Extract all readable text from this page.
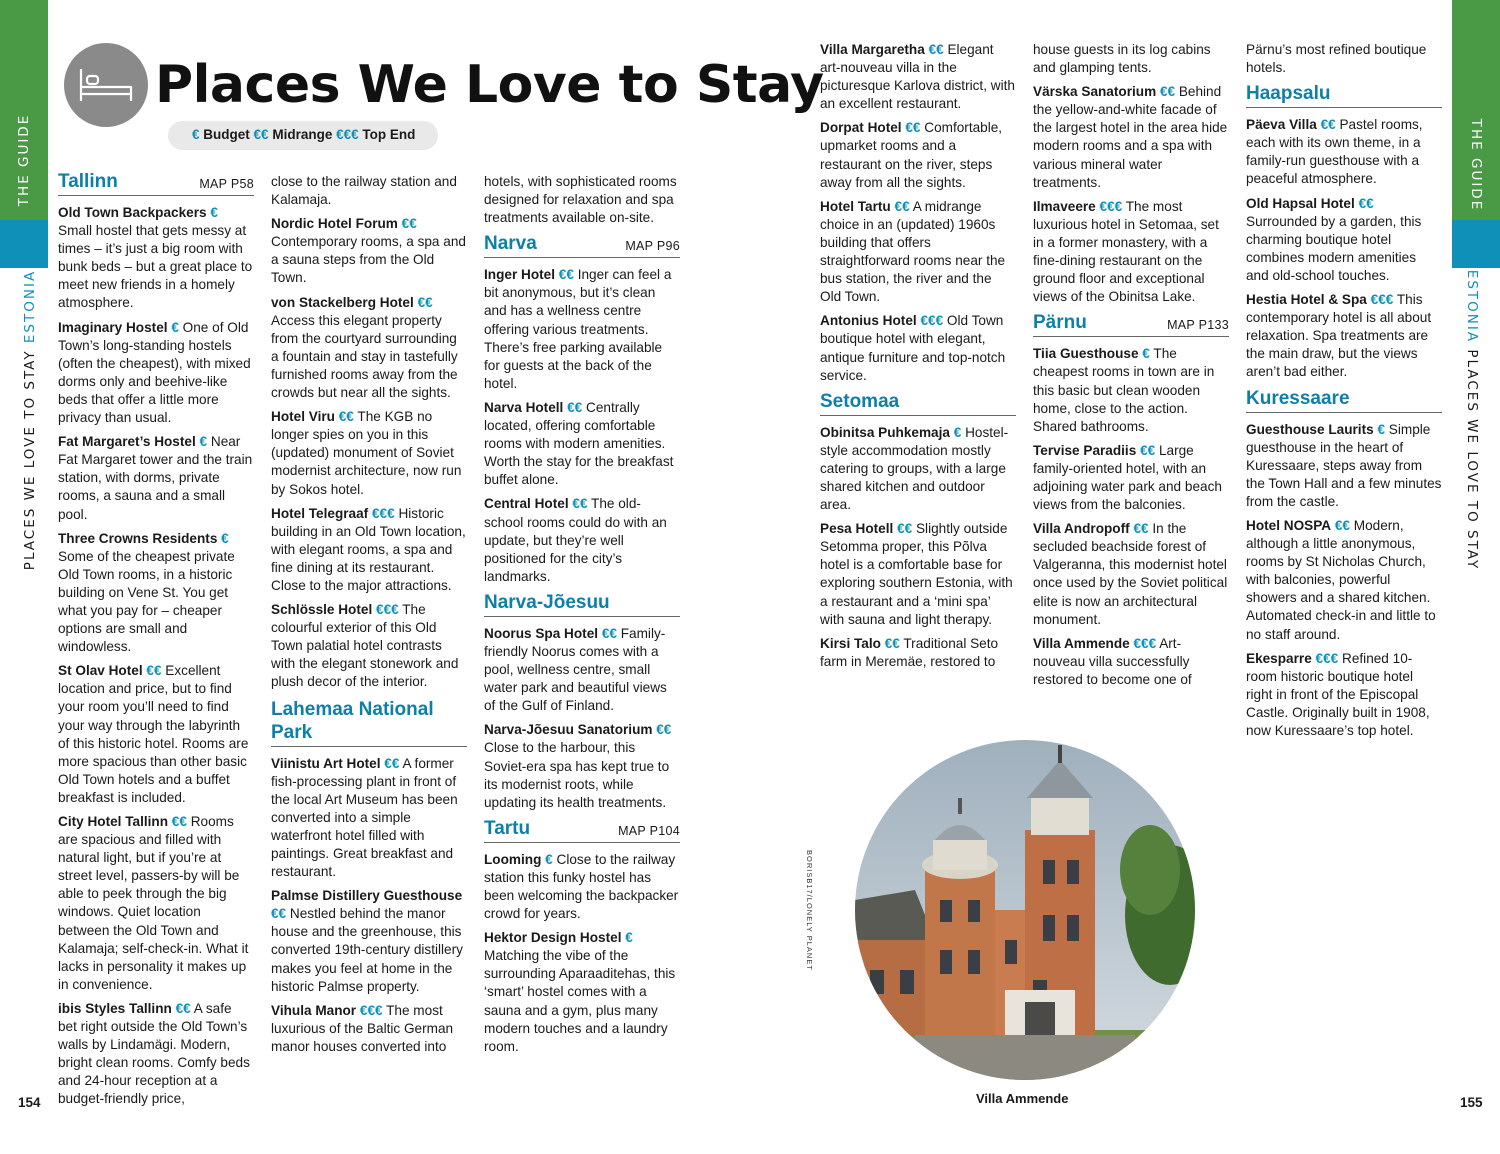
THE GUIDE
PLACES WE LOVE TO STAY ESTONIA
THE GUIDE
ESTONIA PLACES WE LOVE TO STAY
Places We Love to Stay
€ Budget €€ Midrange €€€ Top End
Tallinn	MAP P58

Old Town Backpackers € Small hostel that gets messy at times – it’s just a big room with bunk beds – but a great place to meet new friends in a homely atmosphere.

Imaginary Hostel € One of Old Town’s long-standing hostels (often the cheapest), with mixed dorms only and beehive-like beds that offer a little more privacy than usual.

Fat Margaret’s Hostel € Near Fat Margaret tower and the train station, with dorms, private rooms, a sauna and a small pool.

Three Crowns Residents € Some of the cheapest private Old Town rooms, in a historic building on Vene St. You get what you pay for – cheaper options are small and windowless.

St Olav Hotel €€ Excellent location and price, but to find your room you’ll need to find your way through the labyrinth of this historic hotel. Rooms are more spacious than other basic Old Town hotels and a buffet breakfast is included.

City Hotel Tallinn €€ Rooms are spacious and filled with natural light, but if you’re at street level, passers-by will be able to peek through the big windows. Quiet location between the Old Town and Kalamaja; self-check-in. What it lacks in personality it makes up in convenience.

ibis Styles Tallinn €€ A safe bet right outside the Old Town’s walls by Lindamägi. Modern, bright clean rooms. Comfy beds and 24-hour reception at a budget-friendly price,

close to the railway station and Kalamaja.

Nordic Hotel Forum €€ Contemporary rooms, a spa and a sauna steps from the Old Town.

von Stackelberg Hotel €€ Access this elegant property from the courtyard surrounding a fountain and stay in tastefully furnished rooms away from the crowds but near all the sights.

Hotel Viru €€ The KGB no longer spies on you in this (updated) monument of Soviet modernist architecture, now run by Sokos hotel.

Hotel Telegraaf €€€ Historic building in an Old Town location, with elegant rooms, a spa and fine dining at its restaurant. Close to the major attractions.

Schlössle Hotel €€€ The colourful exterior of this Old Town palatial hotel contrasts with the elegant stonework and plush decor of the interior.

Lahemaa National
Park

Viinistu Art Hotel €€ A former fish-processing plant in front of the local Art Museum has been converted into a simple waterfront hotel filled with paintings. Great breakfast and restaurant.

Palmse Distillery Guesthouse €€ Nestled behind the manor house and the greenhouse, this converted 19th-century distillery makes you feel at home in the historic Palmse property.

Vihula Manor €€€ The most luxurious of the Baltic German manor houses converted into

hotels, with sophisticated rooms designed for relaxation and spa treatments available on-site.

Narva	MAP P96

Inger Hotel €€ Inger can feel a bit anonymous, but it’s clean and has a wellness centre offering various treatments. There’s free parking available for guests at the back of the hotel.

Narva Hotell €€ Centrally located, offering comfortable rooms with modern amenities. Worth the stay for the breakfast buffet alone.

Central Hotel €€ The old-school rooms could do with an update, but they’re well positioned for the city’s landmarks.

Narva-Jõesuu

Noorus Spa Hotel €€ Family-friendly Noorus comes with a pool, wellness centre, small water park and beautiful views of the Gulf of Finland.

Narva-Jõesuu Sanatorium €€ Close to the harbour, this Soviet-era spa has kept true to its modernist roots, while updating its health treatments.

Tartu	MAP P104

Looming € Close to the railway station this funky hostel has been welcoming the backpacker crowd for years.

Hektor Design Hostel € Matching the vibe of the surrounding Aparaaditehas, this ‘smart’ hostel comes with a sauna and a gym, plus many modern touches and a laundry room.

Villa Margaretha €€ Elegant art-nouveau villa in the picturesque Karlova district, with an excellent restaurant.

Dorpat Hotel €€ Comfortable, upmarket rooms and a restaurant on the river, steps away from all the sights.

Hotel Tartu €€ A midrange choice in an (updated) 1960s building that offers straightforward rooms near the bus station, the river and the Old Town.

Antonius Hotel €€€ Old Town boutique hotel with elegant, antique furniture and top-notch service.

Setomaa

Obinitsa Puhkemaja € Hostel-style accommodation mostly catering to groups, with a large shared kitchen and outdoor area.

Pesa Hotell €€ Slightly outside Setomma proper, this Põlva hotel is a comfortable base for exploring southern Estonia, with a restaurant and a ‘mini spa’ with sauna and light therapy.

Kirsi Talo €€ Traditional Seto farm in Meremäe, restored to

house guests in its log cabins and glamping tents.

Värska Sanatorium €€ Behind the yellow-and-white facade of the largest hotel in the area hide modern rooms and a spa with various mineral water treatments.

Ilmaveere €€€ The most luxurious hotel in Setomaa, set in a former monastery, with a fine-dining restaurant on the ground floor and exceptional views of the Obinitsa Lake.

Pärnu	MAP P133

Tiia Guesthouse € The cheapest rooms in town are in this basic but clean wooden home, close to the action. Shared bathrooms.

Tervise Paradiis €€ Large family-oriented hotel, with an adjoining water park and beach views from the balconies.

Villa Andropoff €€ In the secluded beachside forest of Valgeranna, this modernist hotel once used by the Soviet political elite is now an architectural monument.

Villa Ammende €€€ Art-nouveau villa successfully restored to become one of

Pärnu’s most refined boutique hotels.

Haapsalu

Päeva Villa €€ Pastel rooms, each with its own theme, in a family-run guesthouse with a peaceful atmosphere.

Old Hapsal Hotel €€ Surrounded by a garden, this charming boutique hotel combines modern amenities and old-school touches.

Hestia Hotel & Spa €€€ This contemporary hotel is all about relaxation. Spa treatments are the main draw, but the views aren’t bad either.

Kuressaare

Guesthouse Laurits € Simple guesthouse in the heart of Kuressaare, steps away from the Town Hall and a few minutes from the castle.

Hotel NOSPA €€ Modern, although a little anonymous, rooms by St Nicholas Church, with balconies, powerful showers and a shared kitchen. Automated check-in and little to no staff around.

Ekesparre €€€ Refined 10-room historic boutique hotel right in front of the Episcopal Castle. Originally built in 1908, now Kuressaare’s top hotel.

BORISB17/LONELY PLANET
Villa Ammende
154	155
